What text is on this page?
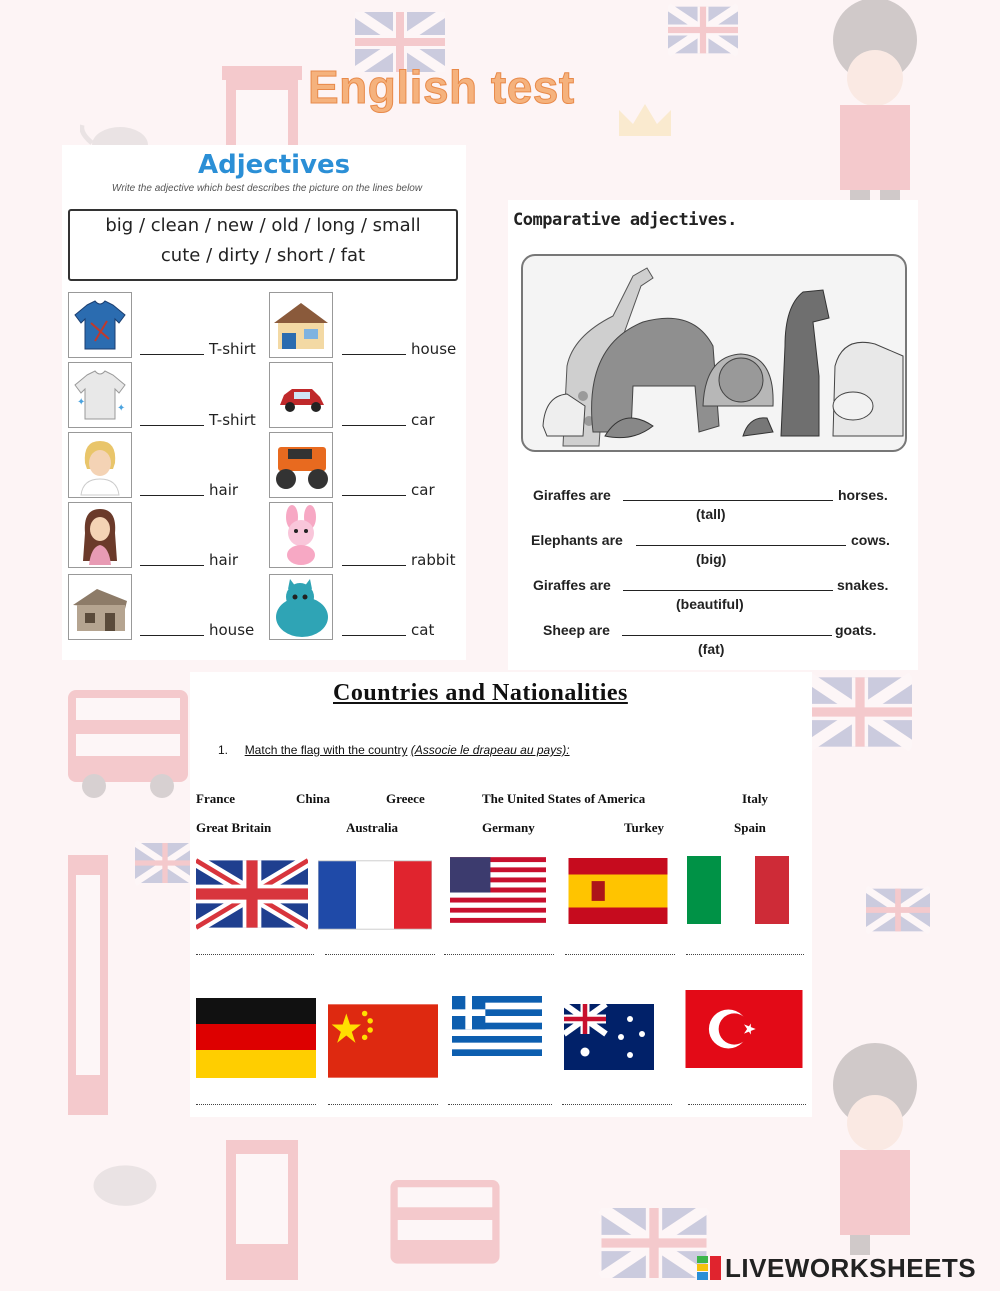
English test
Adjectives
Write the adjective which best describes the picture on the lines below
big / clean / new / old / long / small
cute / dirty / short / fat
✦
✦
T-shirt	house
T-shirt	car
hair	car
hair	rabbit
house	cat
Comparative adjectives.
Giraffes are	horses.
(tall)
Elephants are	cows.
(big)
Giraffes are	snakes.
(beautiful)
Sheep are	goats.
(fat)
Countries and Nationalities
1. Match the flag with the country (Associe le drapeau au pays):
France	China	Greece	The United States of America	Italy
Great Britain	Australia	Germany	Turkey	Spain
LIVEWORKSHEETS
